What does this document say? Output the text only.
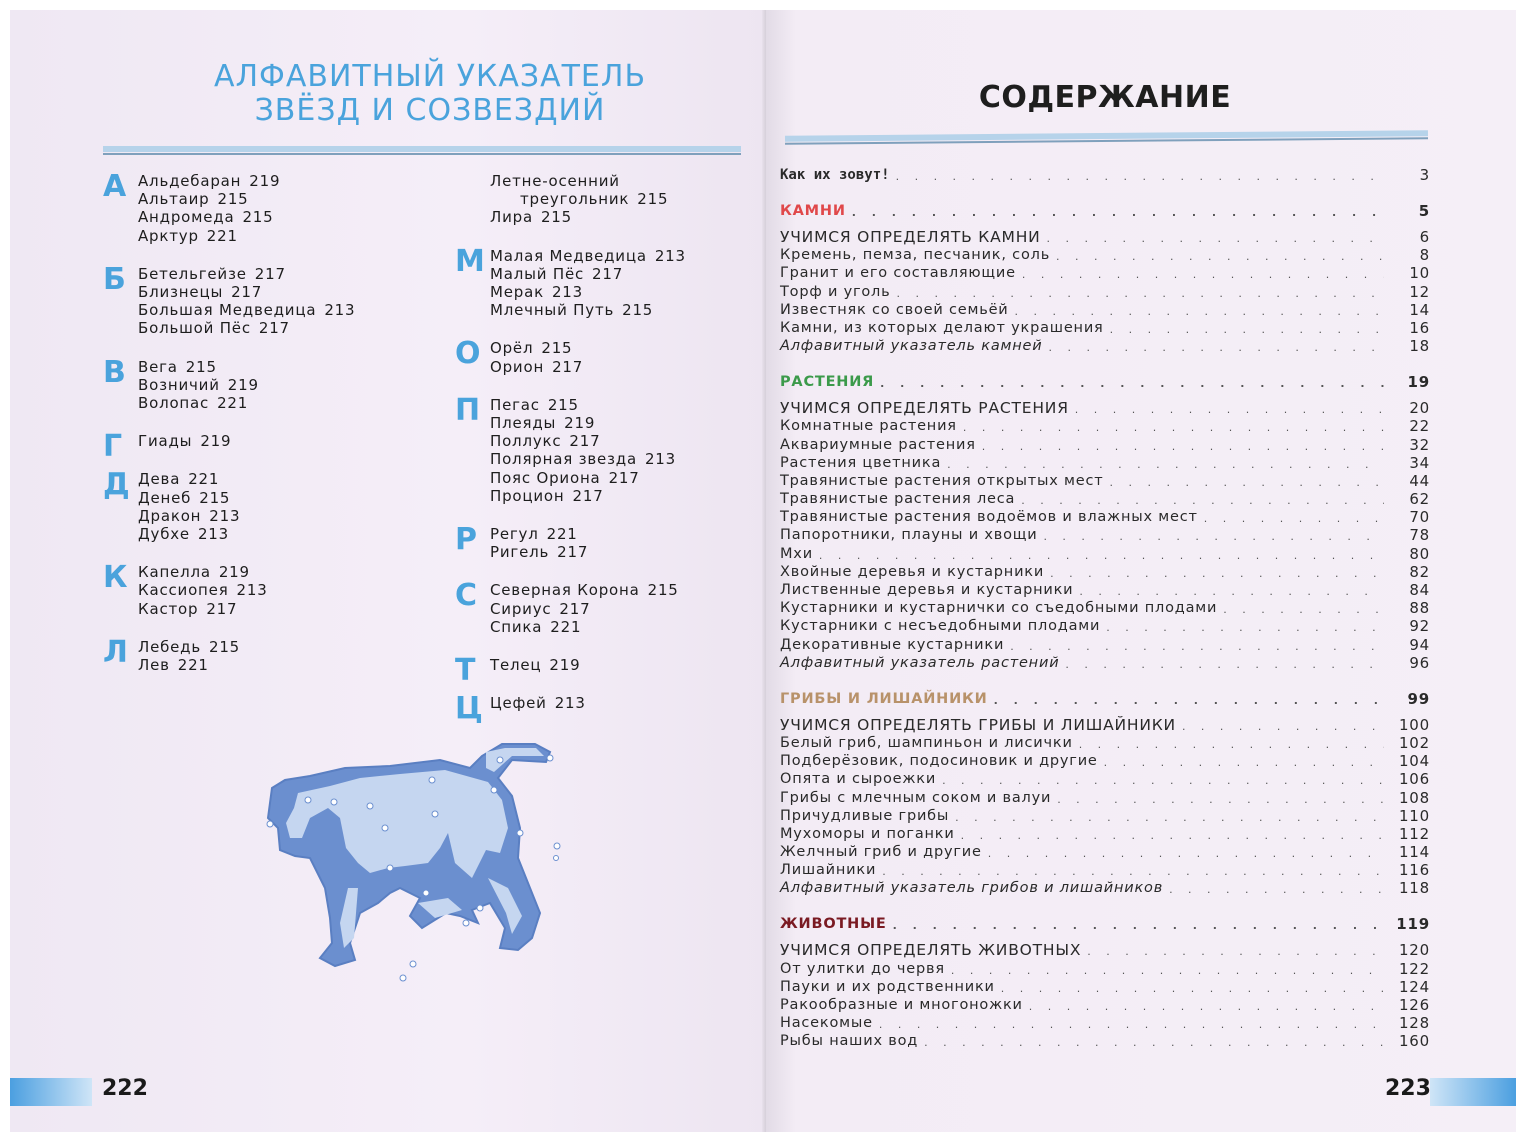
АЛФАВИТНЫЙ УКАЗАТЕЛЬ
ЗВЁЗД И СОЗВЕЗДИЙ
А Альдебаран 219
Альтаир 215
Андромеда 215
Арктур 221
Б Бетельгейзе 217
Близнецы 217
Большая Медведица 213
Большой Пёс 217
В Вега 215
Возничий 219
Волопас 221
Г Гиады 219
Д Дева 221
Денеб 215
Дракон 213
Дубхе 213
К Капелла 219
Кассиопея 213
Кастор 217
Л Лебедь 215
Лев 221
Летне-осенний
треугольник 215
Лира 215
М Малая Медведица 213
Малый Пёс 217
Мерак 213
Млечный Путь 215
О Орёл 215
Орион 217
П Пегас 215
Плеяды 219
Поллукс 217
Полярная звезда 213
Пояс Ориона 217
Процион 217
Р Регул 221
Ригель 217
С Северная Корона 215
Сириус 217
Спика 221
Т Телец 219
Ц Цефей 213
222
СОДЕРЖАНИЕ
Как их зовут! . . .	3
КАМНИ . . .	5
УЧИМСЯ ОПРЕДЕЛЯТЬ КАМНИ . . .	6
Кремень, пемза, песчаник, соль . . .	8
Гранит и его составляющие . . .	10
Торф и уголь . . .	12
Известняк со своей семьёй . . .	14
Камни, из которых делают украшения . . .	16
Алфавитный указатель камней . . .	18
РАСТЕНИЯ . . .	19
УЧИМСЯ ОПРЕДЕЛЯТЬ РАСТЕНИЯ . . .	20
Комнатные растения . . .	22
Аквариумные растения . . .	32
Растения цветника . . .	34
Травянистые растения открытых мест . . .	44
Травянистые растения леса . . .	62
Травянистые растения водоёмов и влажных мест . . .	70
Папоротники, плауны и хвощи . . .	78
Мхи . . .	80
Хвойные деревья и кустарники . . .	82
Лиственные деревья и кустарники . . .	84
Кустарники и кустарнички со съедобными плодами . . .	88
Кустарники с несъедобными плодами . . .	92
Декоративные кустарники . . .	94
Алфавитный указатель растений . . .	96
ГРИБЫ И ЛИШАЙНИКИ . . .	99
УЧИМСЯ ОПРЕДЕЛЯТЬ ГРИБЫ И ЛИШАЙНИКИ . . .	100
Белый гриб, шампиньон и лисички . . .	102
Подберёзовик, подосиновик и другие . . .	104
Опята и сыроежки . . .	106
Грибы с млечным соком и валуи . . .	108
Причудливые грибы . . .	110
Мухоморы и поганки . . .	112
Желчный гриб и другие . . .	114
Лишайники . . .	116
Алфавитный указатель грибов и лишайников . . .	118
ЖИВОТНЫЕ . . .	119
УЧИМСЯ ОПРЕДЕЛЯТЬ ЖИВОТНЫХ . . .	120
От улитки до червя . . .	122
Пауки и их родственники . . .	124
Ракообразные и многоножки . . .	126
Насекомые . . .	128
Рыбы наших вод . . .	160
223
